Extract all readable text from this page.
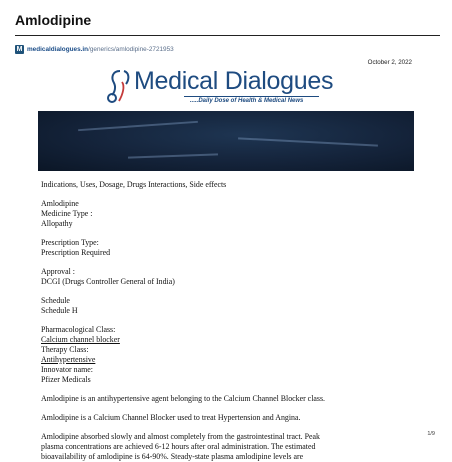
Amlodipine
M medicaldialogues.in /generics/amlodipine-2721953
October 2, 2022
Medical Dialogues
.....Daily Dose of Health & Medical News

Indications, Uses, Dosage, Drugs Interactions, Side effects

Amlodipine

Medicine Type :

Allopathy

Prescription Type:

Prescription Required

Approval :

DCGI (Drugs Controller General of India)

Schedule

Schedule H

Pharmacological Class:

Calcium channel blocker

Therapy Class:

Antihypertensive

Innovator name:

Pfizer Medicals

Amlodipine is an antihypertensive agent belonging to the Calcium Channel Blocker class.

Amlodipine is a Calcium Channel Blocker used to treat Hypertension and Angina.

Amlodipine absorbed slowly and almost completely from the gastrointestinal tract. Peak

plasma concentrations are achieved 6-12 hours after oral administration. The estimated

bioavailability of amlodipine is 64-90%. Steady-state plasma amlodipine levels are

1/9
